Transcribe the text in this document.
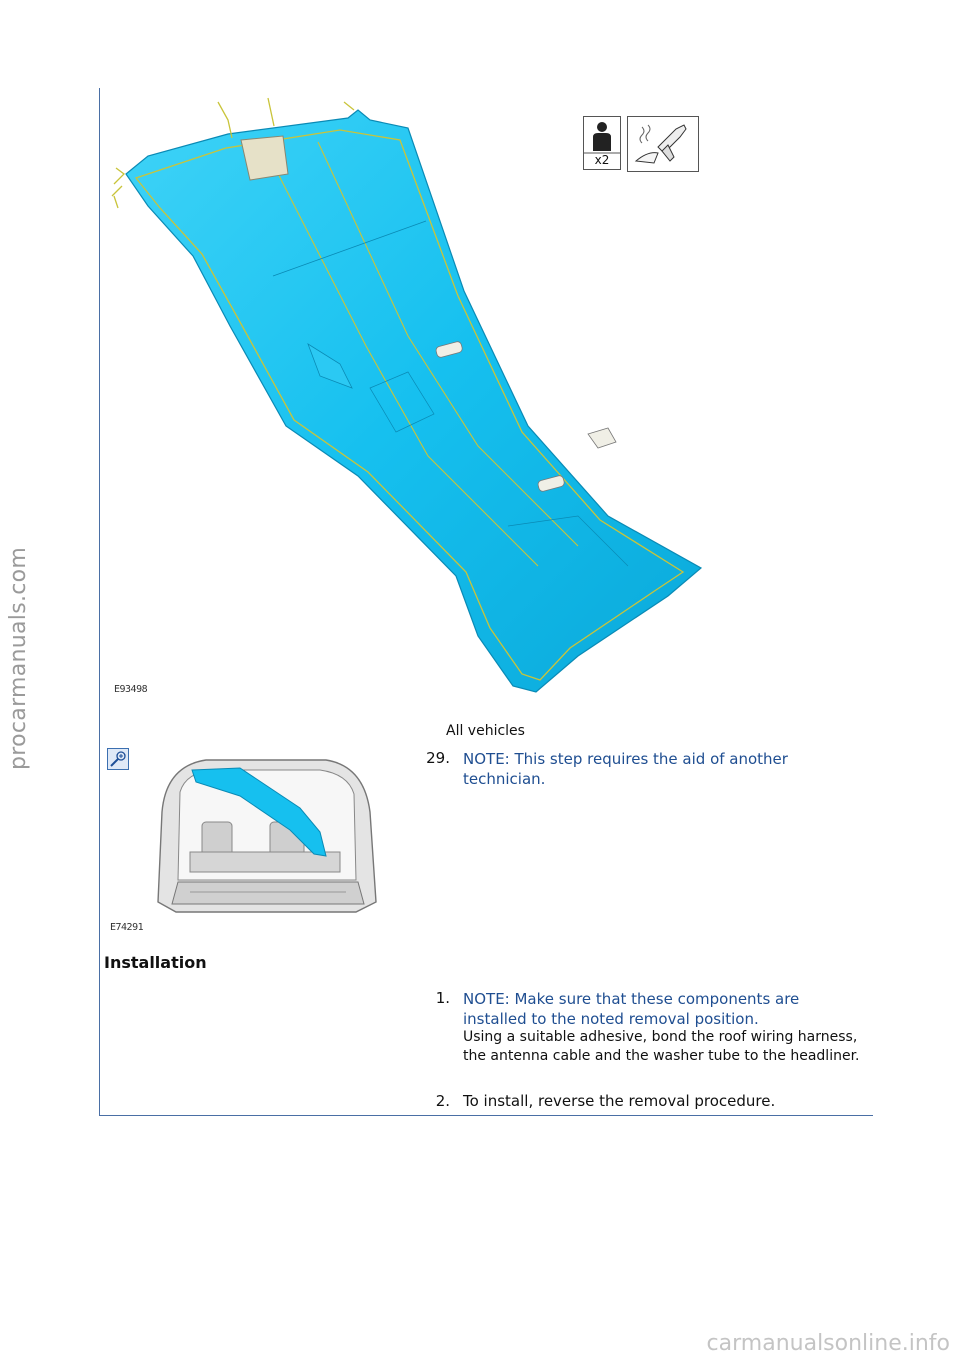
procarmanuals.com
x2
E93498
All vehicles
E74291
29. NOTE: This step requires the aid of another technician.
Installation
1. NOTE: Make sure that these components are installed to the noted removal position.
Using a suitable adhesive, bond the roof wiring harness, the antenna cable and the washer tube to the headliner.
2. To install, reverse the removal procedure.
carmanualsonline.info
